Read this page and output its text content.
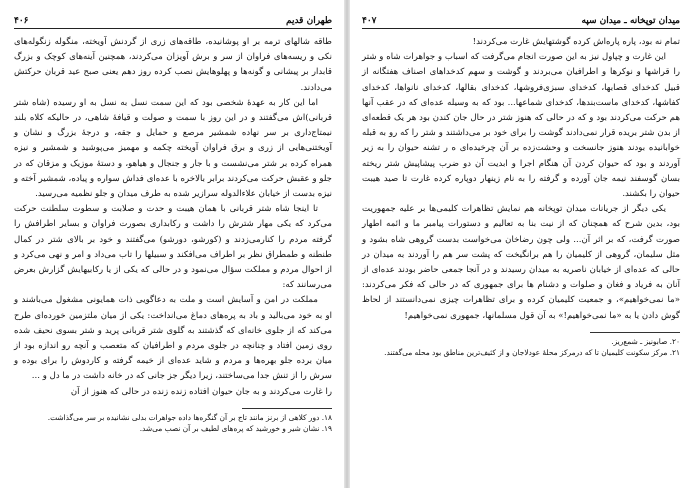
طهران قدیم
۴۰۶

طاقه شالهای ترمه بر او پوشانیده، طاقه‌های زری از گردنش آویخته، منگوله زنگوله‌های نکی و ریسه‌های فراوان از سر و برش آویزان می‌کردند، همچنین آینه‌های کوچک و بزرگ قابدار بر پیشانی و گونه‌ها و پهلوهایش نصب کرده روز دهم یعنی صبح عید قربان حرکتش می‌دادند.

اما این کار به عهدهٔ شخصی بود که این سمت نسل به نسل به او رسیده (شاه شتر قربانی)اش می‌گفتند و در این روز با سمت و صولت و قیافهٔ شاهی، در حالیکه کلاه بلند نیمتاج‌داری بر سر نهاده شمشیر مرصع و حمایل و جقه، و درجهٔ بزرگ و نشان و آویختنی‌هایی از زری و برق فراوان آویخته چکمه و مهمیز می‌پوشید و شمشیر و نیزه همراه کرده بر شتر می‌نشست و با جار و جنجال و هیاهو، و دستهٔ موزیک و مزقان که در جلو و عقبش حرکت می‌کردند برابر بالاخره با عده‌ای فداش سواره و پیاده، شمشیر آخته و نیزه بدست از خیابان علاءالدوله سرازیر شده به طرف میدان و جلو نظمیه می‌رسید.

تا اینجا شاه شتر قربانی با همان هیبت و حدت و صلابت و سطوت سلطنت حرکت می‌کرد که یکی مهار شترش را داشت و رکابداری بصورت فراوان و بسایر اطرافش را گرفته مردم را کنارمی‌زدند و (کورشو، دورشو) می‌گفتند و خود بر بالای شتر در کمال طنطنه و طمطراق نظر بر اطراف می‌افکند و سبیلها را تاب می‌داد و امر و نهی می‌کرد و از احوال مردم و مملکت سؤال می‌نمود و در حالی که یکی از یا رکابیهایش گزارش بعرض می‌رسانند که:

مملکت در امن و آسایش است و ملت به دعاگویی ذات همایونی مشغول می‌باشند و او به خود می‌بالید و باد به پره‌های دماغ می‌انداخت: یکی از میان ملتزمین خورده‌ای طرح می‌کند که از جلوی خانه‌ای که گذشتند به گلوی شتر قربانی پرید و شتر بسوی نحیف شده روی زمین افتاد و چنانچه در جلوی مردم و اطرافیان که متعصب و آنچه رو اندازه بود از میان برده جلو بهره‌ها و مردم و شاید عده‌ای از خیمه گرفته و کاردوش را برای بوده و سرش را از تنش جدا می‌ساختند، زیرا دیگر جز جانی که در خانه داشت در ما دل و ...

را غارت می‌کردند و به جان حیوان افتاده زنده زنده در حالی که هنوز از آن

۱۸. دور کلاهی از برنز مانند تاج بر آن گنگره‌ها داده جواهرات بدلی نشانیده بر سر می‌گذاشت.
۱۹. نشان شیر و خورشید که پره‌های لطیف بر آن نصب می‌شد.
میدان توپخانه ـ میدان سپه
۴۰۷

تمام نه بود، پاره پاره‌اش کرده گوشتهایش غارت می‌کردند!

این غارت و چپاول نیز به این صورت انجام می‌گرفت که اسباب و جواهرات شاه و شتر را قراشها و نوکرها و اطرافیان می‌بردند و گوشت و سهم کدخداهای اصناف هفتگانه از قبیل کدخدای قصابها، کدخدای سبزی‌فروشها، کدخدای بقالها، کدخدای نانواها، کدخدای کفاشها، کدخدای ماست‌بندها، کدخدای شماعها... بود که به وسیله عده‌ای که در عقب آنها هم حرکت می‌کردند بود و که در حالی که هنوز شتر در حال جان کندن بود هر یک قطعه‌ای از بدن شتر بریده قرار نمی‌دادند گوشت را برای خود بر می‌داشتند و شتر را که رو به قبله خوابانیده بودند هنوز جانسخت و وحشت‌زده بر آن چرخیده‌ای ه ر تشنه حیوان را به زیر آوردند و بود که حیوان کردن آن هنگام اجرا و ابدیت آن دو ضرب پیشاپیش شتر ریخته بسان گوسفند نیمه جان آورده و گرفته را به نام زینهار دوپاره کرده غارت تا صید هیبت حیوان را بکشند.

یکی دیگر از جریانات میدان توپخانه هم نمایش تظاهرات کلیمی‌ها بر علیه جمهوریت بود، بدین شرح که همچنان که از نیت بنا به تعالیم و دستورات پیامبر ما و ائمه اطهار صورت گرفت، که بر اثر آن... ولی چون رضاخان می‌خواست بدست گروهی شاه بشود و مثل سلیمان، گروهی از کلیمیان را هم برانگیخت که پشت سر هم را آوردند به میدان در حالی که عده‌ای از خیابان ناصریه به میدان رسیدند و در آنجا جمعی حاضر بودند عده‌ای از آنان به فریاد و فغان و صلوات و دشنام ها برای جمهوری که در حالی که فکر می‌کردند: «ما نمی‌خواهیم»، و جمعیت کلیمیان کرده و برای تظاهرات چیزی نمی‌دانستند از لحاظ گوش دادن یا به «ما نمی‌خواهیم!» به آن قول مسلمانها، جمهوری نمی‌خواهیم!

۲۰. صابونیز ـ شمع‌ریز.
۲۱. مرکز سکونت کلیمیان تا که درمرکز محلهٔ عودلاجان و از کثیف‌ترین مناطق بود محله می‌گفتند.
